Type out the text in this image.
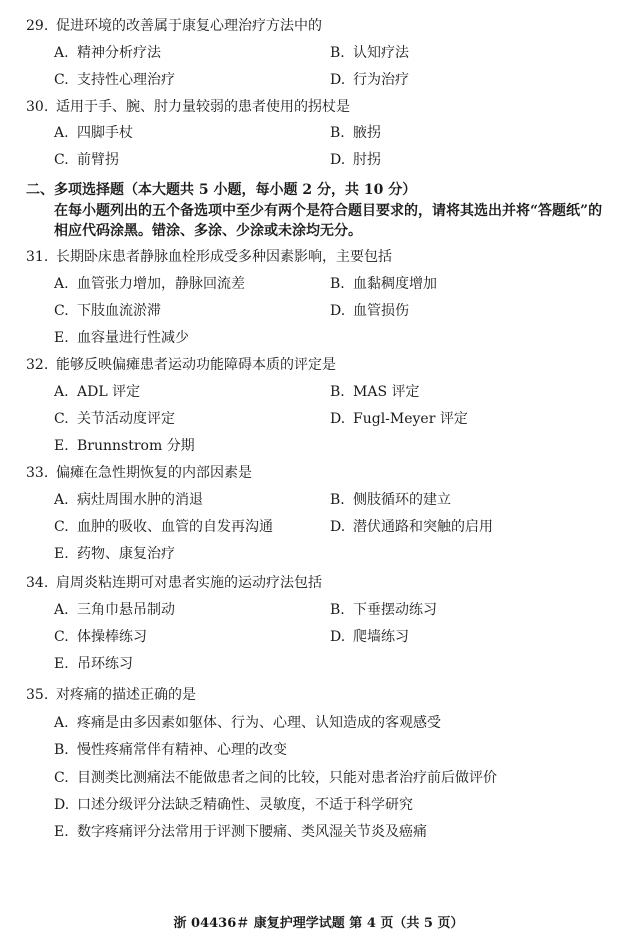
29. 促进环境的改善属于康复心理治疗方法中的
A. 精神分析疗法	B. 认知疗法
C. 支持性心理治疗	D. 行为治疗
30. 适用于手、腕、肘力量较弱的患者使用的拐杖是
A. 四脚手杖	B. 腋拐
C. 前臂拐	D. 肘拐
二、多项选择题（本大题共 5 小题，每小题 2 分，共 10 分）
在每小题列出的五个备选项中至少有两个是符合题目要求的，请将其选出并将“答题纸”的相应代码涂黑。错涂、多涂、少涂或未涂均无分。
31. 长期卧床患者静脉血栓形成受多种因素影响，主要包括
A. 血管张力增加，静脉回流差	B. 血黏稠度增加
C. 下肢血流淤滞	D. 血管损伤
E. 血容量进行性减少
32. 能够反映偏瘫患者运动功能障碍本质的评定是
A. ADL 评定	B. MAS 评定
C. 关节活动度评定	D. Fugl-Meyer 评定
E. Brunnstrom 分期
33. 偏瘫在急性期恢复的内部因素是
A. 病灶周围水肿的消退	B. 侧肢循环的建立
C. 血肿的吸收、血管的自发再沟通	D. 潜伏通路和突触的启用
E. 药物、康复治疗
34. 肩周炎粘连期可对患者实施的运动疗法包括
A. 三角巾悬吊制动	B. 下垂摆动练习
C. 体操棒练习	D. 爬墙练习
E. 吊环练习
35. 对疼痛的描述正确的是
A. 疼痛是由多因素如躯体、行为、心理、认知造成的客观感受
B. 慢性疼痛常伴有精神、心理的改变
C. 目测类比测痛法不能做患者之间的比较，只能对患者治疗前后做评价
D. 口述分级评分法缺乏精确性、灵敏度，不适于科学研究
E. 数字疼痛评分法常用于评测下腰痛、类风湿关节炎及癌痛
浙 04436＃ 康复护理学试题 第 4 页（共 5 页）
